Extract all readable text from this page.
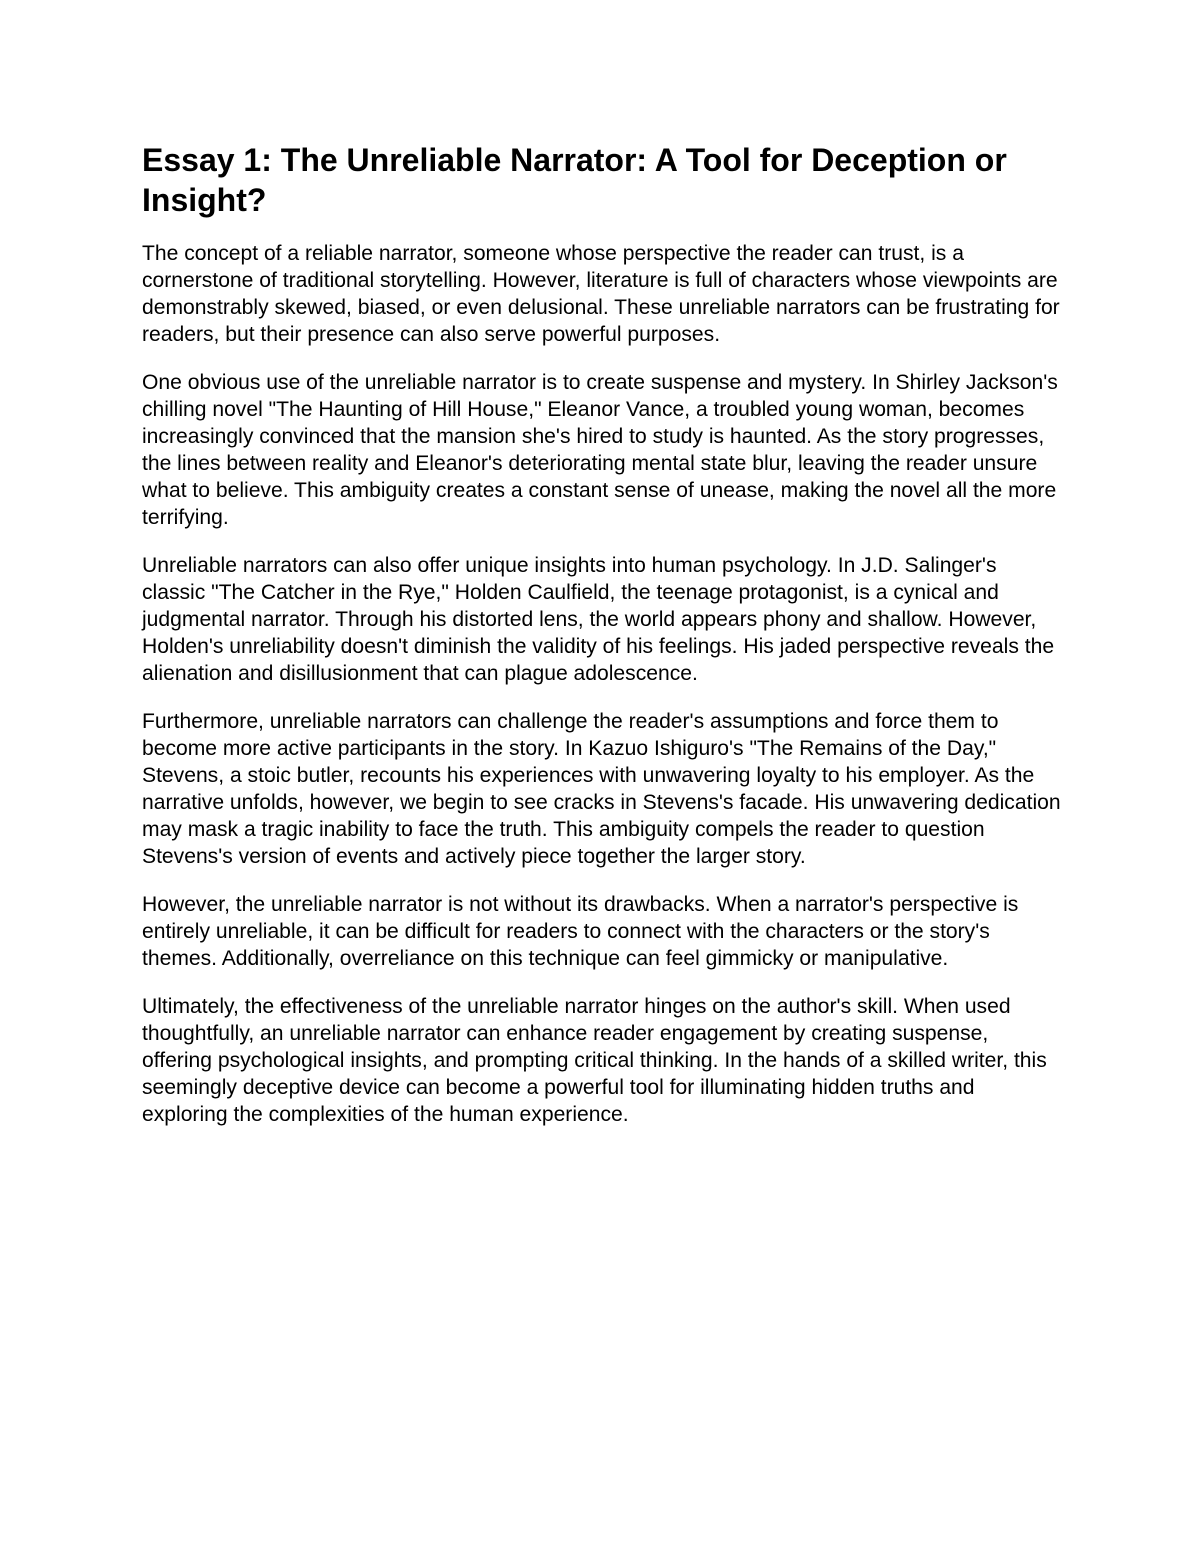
Essay 1: The Unreliable Narrator: A Tool for Deception or Insight?

The concept of a reliable narrator, someone whose perspective the reader can trust, is a cornerstone of traditional storytelling. However, literature is full of characters whose viewpoints are demonstrably skewed, biased, or even delusional. These unreliable narrators can be frustrating for readers, but their presence can also serve powerful purposes.

One obvious use of the unreliable narrator is to create suspense and mystery. In Shirley Jackson's chilling novel "The Haunting of Hill House," Eleanor Vance, a troubled young woman, becomes increasingly convinced that the mansion she's hired to study is haunted. As the story progresses, the lines between reality and Eleanor's deteriorating mental state blur, leaving the reader unsure what to believe. This ambiguity creates a constant sense of unease, making the novel all the more terrifying.

Unreliable narrators can also offer unique insights into human psychology. In J.D. Salinger's classic "The Catcher in the Rye," Holden Caulfield, the teenage protagonist, is a cynical and judgmental narrator. Through his distorted lens, the world appears phony and shallow. However, Holden's unreliability doesn't diminish the validity of his feelings. His jaded perspective reveals the alienation and disillusionment that can plague adolescence.

Furthermore, unreliable narrators can challenge the reader's assumptions and force them to become more active participants in the story. In Kazuo Ishiguro's "The Remains of the Day," Stevens, a stoic butler, recounts his experiences with unwavering loyalty to his employer. As the narrative unfolds, however, we begin to see cracks in Stevens's facade. His unwavering dedication may mask a tragic inability to face the truth. This ambiguity compels the reader to question Stevens's version of events and actively piece together the larger story.

However, the unreliable narrator is not without its drawbacks. When a narrator's perspective is entirely unreliable, it can be difficult for readers to connect with the characters or the story's themes. Additionally, overreliance on this technique can feel gimmicky or manipulative.

Ultimately, the effectiveness of the unreliable narrator hinges on the author's skill. When used thoughtfully, an unreliable narrator can enhance reader engagement by creating suspense, offering psychological insights, and prompting critical thinking. In the hands of a skilled writer, this seemingly deceptive device can become a powerful tool for illuminating hidden truths and exploring the complexities of the human experience.
